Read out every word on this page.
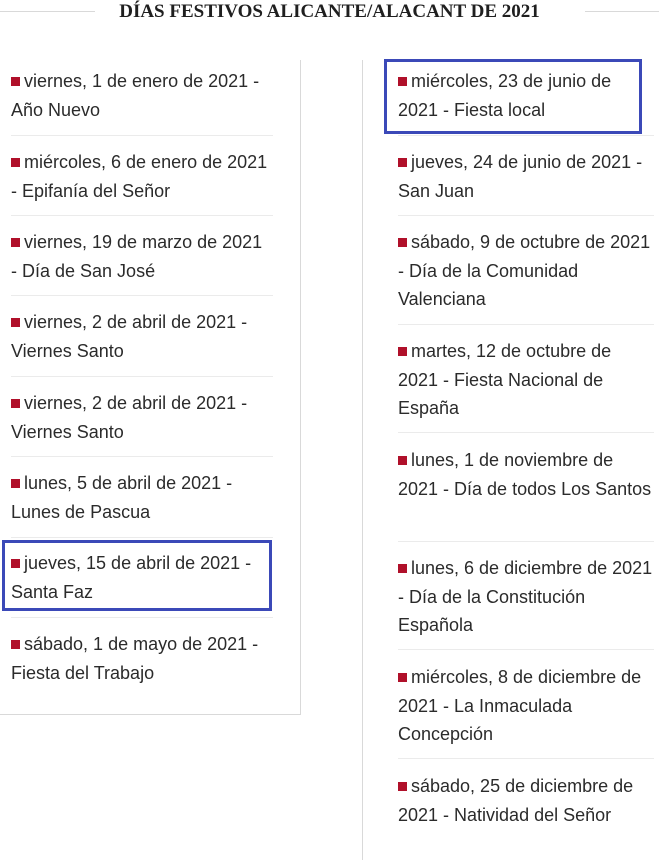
DÍAS FESTIVOS ALICANTE/ALACANT DE 2021
viernes, 1 de enero de 2021 - Año Nuevo
miércoles, 6 de enero de 2021 - Epifanía del Señor
viernes, 19 de marzo de 2021 - Día de San José
viernes, 2 de abril de 2021 - Viernes Santo
viernes, 2 de abril de 2021 - Viernes Santo
lunes, 5 de abril de 2021 - Lunes de Pascua
jueves, 15 de abril de 2021 - Santa Faz
sábado, 1 de mayo de 2021 - Fiesta del Trabajo
miércoles, 23 de junio de 2021 - Fiesta local
jueves, 24 de junio de 2021 - San Juan
sábado, 9 de octubre de 2021 - Día de la Comunidad Valenciana
martes, 12 de octubre de 2021 - Fiesta Nacional de España
lunes, 1 de noviembre de 2021 - Día de todos Los Santos
lunes, 6 de diciembre de 2021 - Día de la Constitución Española
miércoles, 8 de diciembre de 2021 - La Inmaculada Concepción
sábado, 25 de diciembre de 2021 - Natividad del Señor
